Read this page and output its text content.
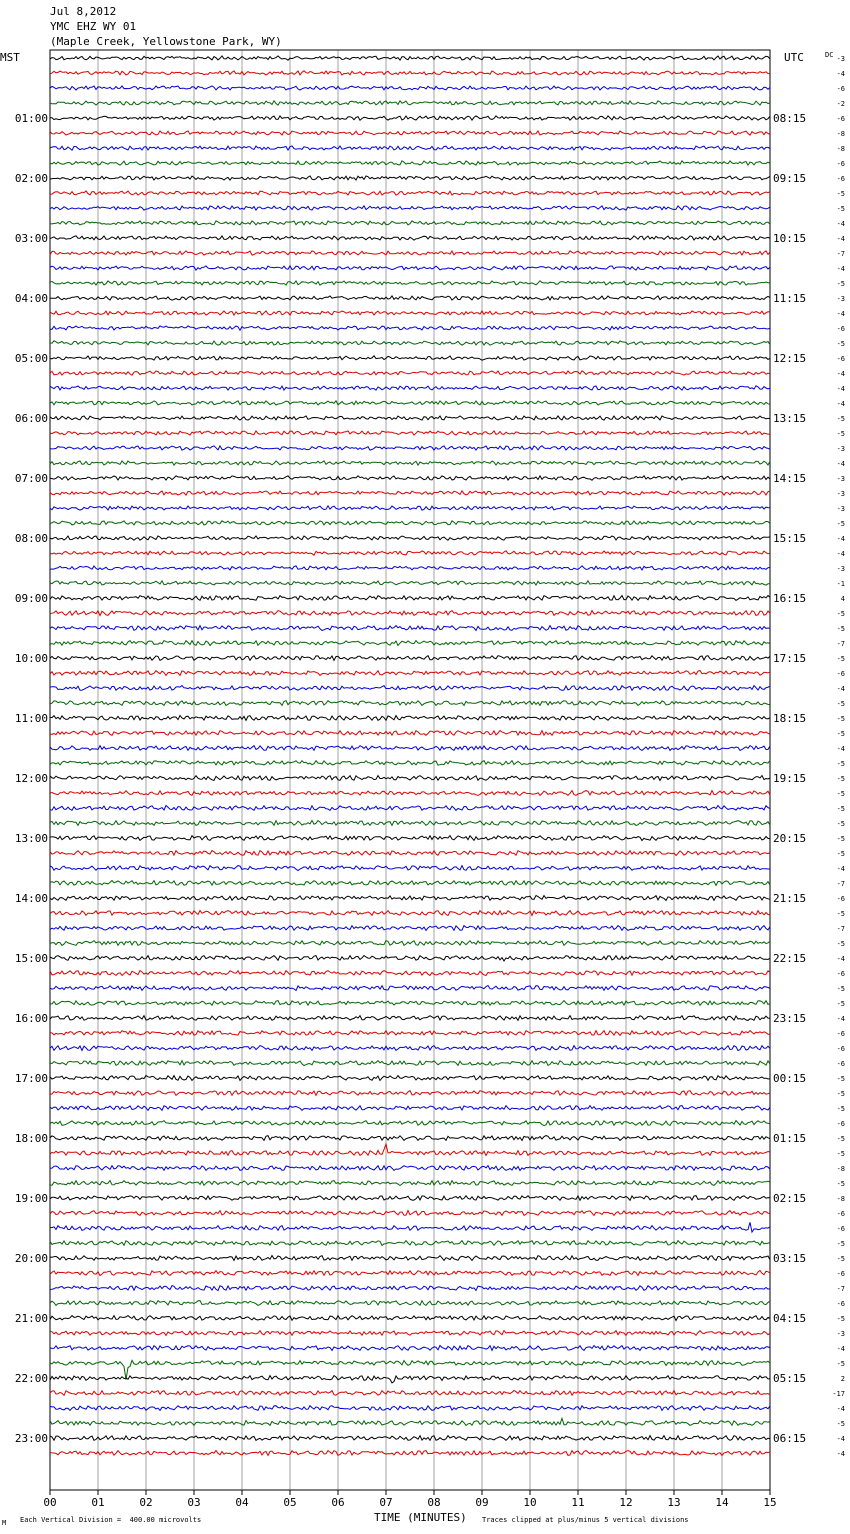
Jul 8,2012
YMC EHZ WY 01
(Maple Creek, Yellowstone Park, WY)
00	01	02	03	04	05	06	07	08	09	10	11	12	13	14	15
MST	UTC	DC
01:00
02:00
03:00
04:00
05:00
06:00
07:00
08:00
09:00
10:00
11:00
12:00
13:00
14:00
15:00
16:00
17:00
18:00
19:00
20:00
21:00
22:00
23:00
08:15
09:15
10:15
11:15
12:15
13:15
14:15
15:15
16:15
17:15
18:15
19:15
20:15
21:15
22:15
23:15
00:15
01:15
02:15
03:15
04:15
05:15
06:15
-3
-4
-6
-2
-6
-8
-8
-6
-6
-5
-5
-4
-4
-7
-4
-5
-3
-4
-6
-5
-6
-4
-4
-4
-5
-5
-3
-4
-3
-3
-3
-5
-4
-4
-3
-1
4
-5
-5
-7
-5
-6
-4
-5
-5
-5
-4
-5
-5
-5
-5
-5
-5
-5
-4
-7
-6
-5
-7
-5
-4
-6
-5
-5
-4
-6
-6
-6
-5
-5
-5
-6
-5
-5
-8
-5
-8
-6
-6
-5
-5
-6
-7
-6
-5
-3
-4
-5
2
-17
-4
-5
-4
-4
TIME (MINUTES)
Each Vertical Division =  400.00 microvolts	Traces clipped at plus/minus 5 vertical divisions
M
